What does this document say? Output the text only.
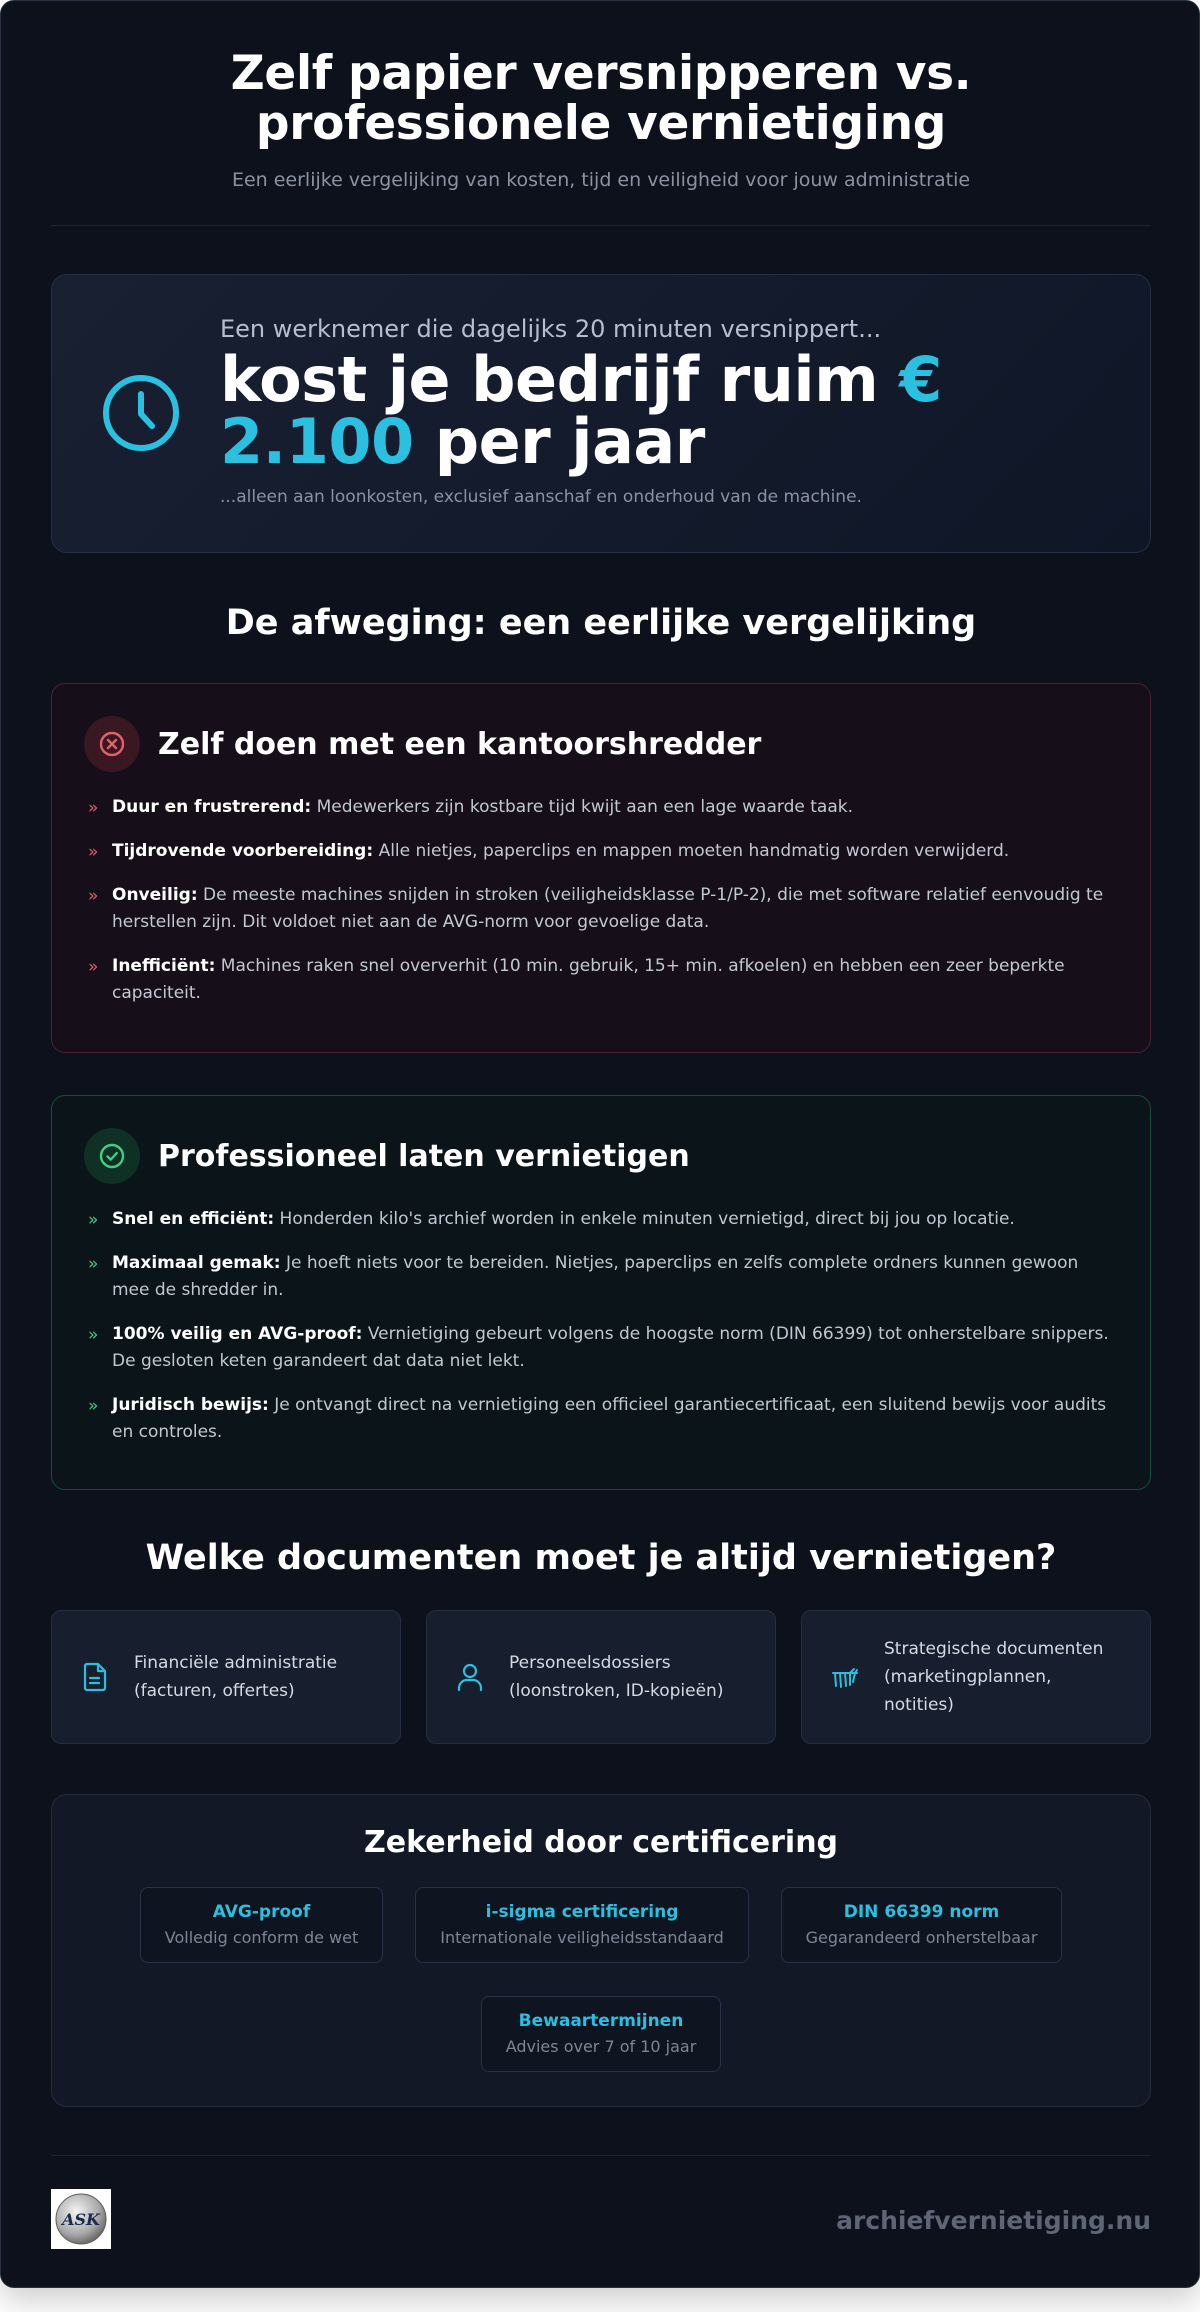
Zelf papier versnipperen vs. professionele vernietiging

Een eerlijke vergelijking van kosten, tijd en veiligheid voor jouw administratie

Een werknemer die dagelijks 20 minuten versnippert...

kost je bedrijf ruim € 2.100 per jaar

...alleen aan loonkosten, exclusief aanschaf en onderhoud van de machine.

De afweging: een eerlijke vergelijking
Zelf doen met een kantoorshredder
» Duur en frustrerend: Medewerkers zijn kostbare tijd kwijt aan een lage waarde taak.
» Tijdrovende voorbereiding: Alle nietjes, paperclips en mappen moeten handmatig worden verwijderd.
» Onveilig: De meeste machines snijden in stroken (veiligheidsklasse P-1/P-2), die met software relatief eenvoudig te herstellen zijn. Dit voldoet niet aan de AVG-norm voor gevoelige data.
» Inefficiënt: Machines raken snel oververhit (10 min. gebruik, 15+ min. afkoelen) en hebben een zeer beperkte capaciteit.
Professioneel laten vernietigen
» Snel en efficiënt: Honderden kilo's archief worden in enkele minuten vernietigd, direct bij jou op locatie.
» Maximaal gemak: Je hoeft niets voor te bereiden. Nietjes, paperclips en zelfs complete ordners kunnen gewoon mee de shredder in.
» 100% veilig en AVG-proof: Vernietiging gebeurt volgens de hoogste norm (DIN 66399) tot onherstelbare snippers. De gesloten keten garandeert dat data niet lekt.
» Juridisch bewijs: Je ontvangt direct na vernietiging een officieel garantiecertificaat, een sluitend bewijs voor audits en controles.
Welke documenten moet je altijd vernietigen?
Financiële administratie
(facturen, offertes)
Personeelsdossiers
(loonstroken, ID-kopieën)
Strategische documenten
(marketingplannen,
notities)
Zekerheid door certificering
AVG-proof
Volledig conform de wet
i-sigma certificering
Internationale veiligheidsstandaard
DIN 66399 norm
Gegarandeerd onherstelbaar
Bewaartermijnen
Advies over 7 of 10 jaar
ASK	archiefvernietiging.nu
